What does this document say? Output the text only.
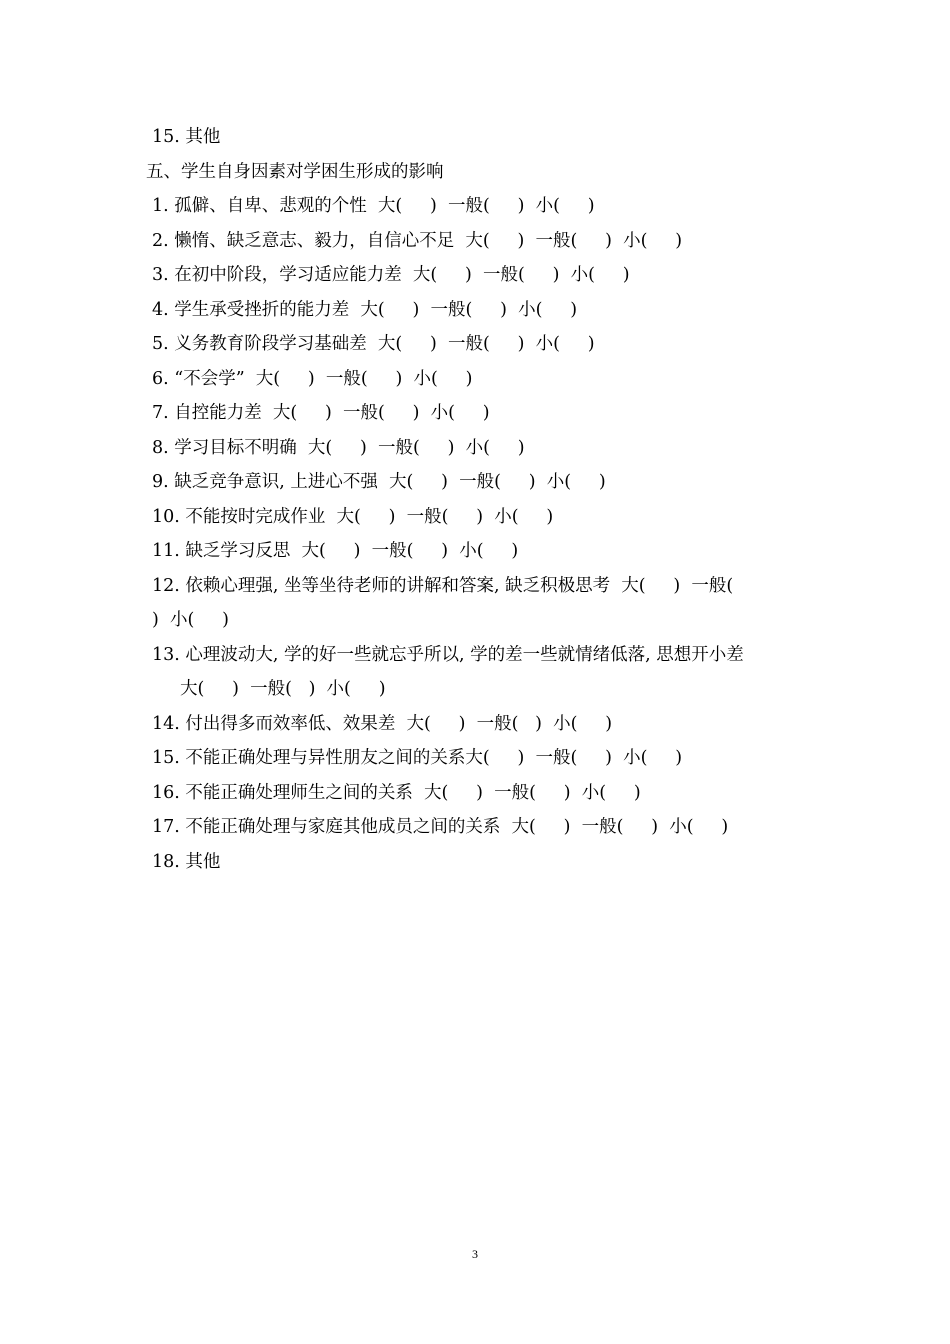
15. 其他
五、学生自身因素对学困生形成的影响
1. 孤僻、自卑、悲观的个性  大(     )  一般(     )  小(     )
2. 懒惰、缺乏意志、毅力，自信心不足  大(     )  一般(     )  小(     )
3. 在初中阶段，学习适应能力差  大(     )  一般(     )  小(     )
4. 学生承受挫折的能力差  大(     )  一般(     )  小(     )
5. 义务教育阶段学习基础差  大(     )  一般(     )  小(     )
6. “不会学”  大(     )  一般(     )  小(     )
7. 自控能力差  大(     )  一般(     )  小(     )
8. 学习目标不明确  大(     )  一般(     )  小(     )
9. 缺乏竞争意识, 上进心不强  大(     )  一般(     )  小(     )
10. 不能按时完成作业  大(     )  一般(     )  小(     )
11. 缺乏学习反思  大(     )  一般(     )  小(     )
12. 依赖心理强, 坐等坐待老师的讲解和答案, 缺乏积极思考  大(     )  一般(
)  小(     )
13. 心理波动大, 学的好一些就忘乎所以, 学的差一些就情绪低落, 思想开小差
大(     )  一般(   )  小(     )
14. 付出得多而效率低、效果差  大(     )  一般(   )  小(     )
15. 不能正确处理与异性朋友之间的关系大(     )  一般(     )  小(     )
16. 不能正确处理师生之间的关系  大(     )  一般(     )  小(     )
17. 不能正确处理与家庭其他成员之间的关系  大(     )  一般(     )  小(     )
18. 其他
3
